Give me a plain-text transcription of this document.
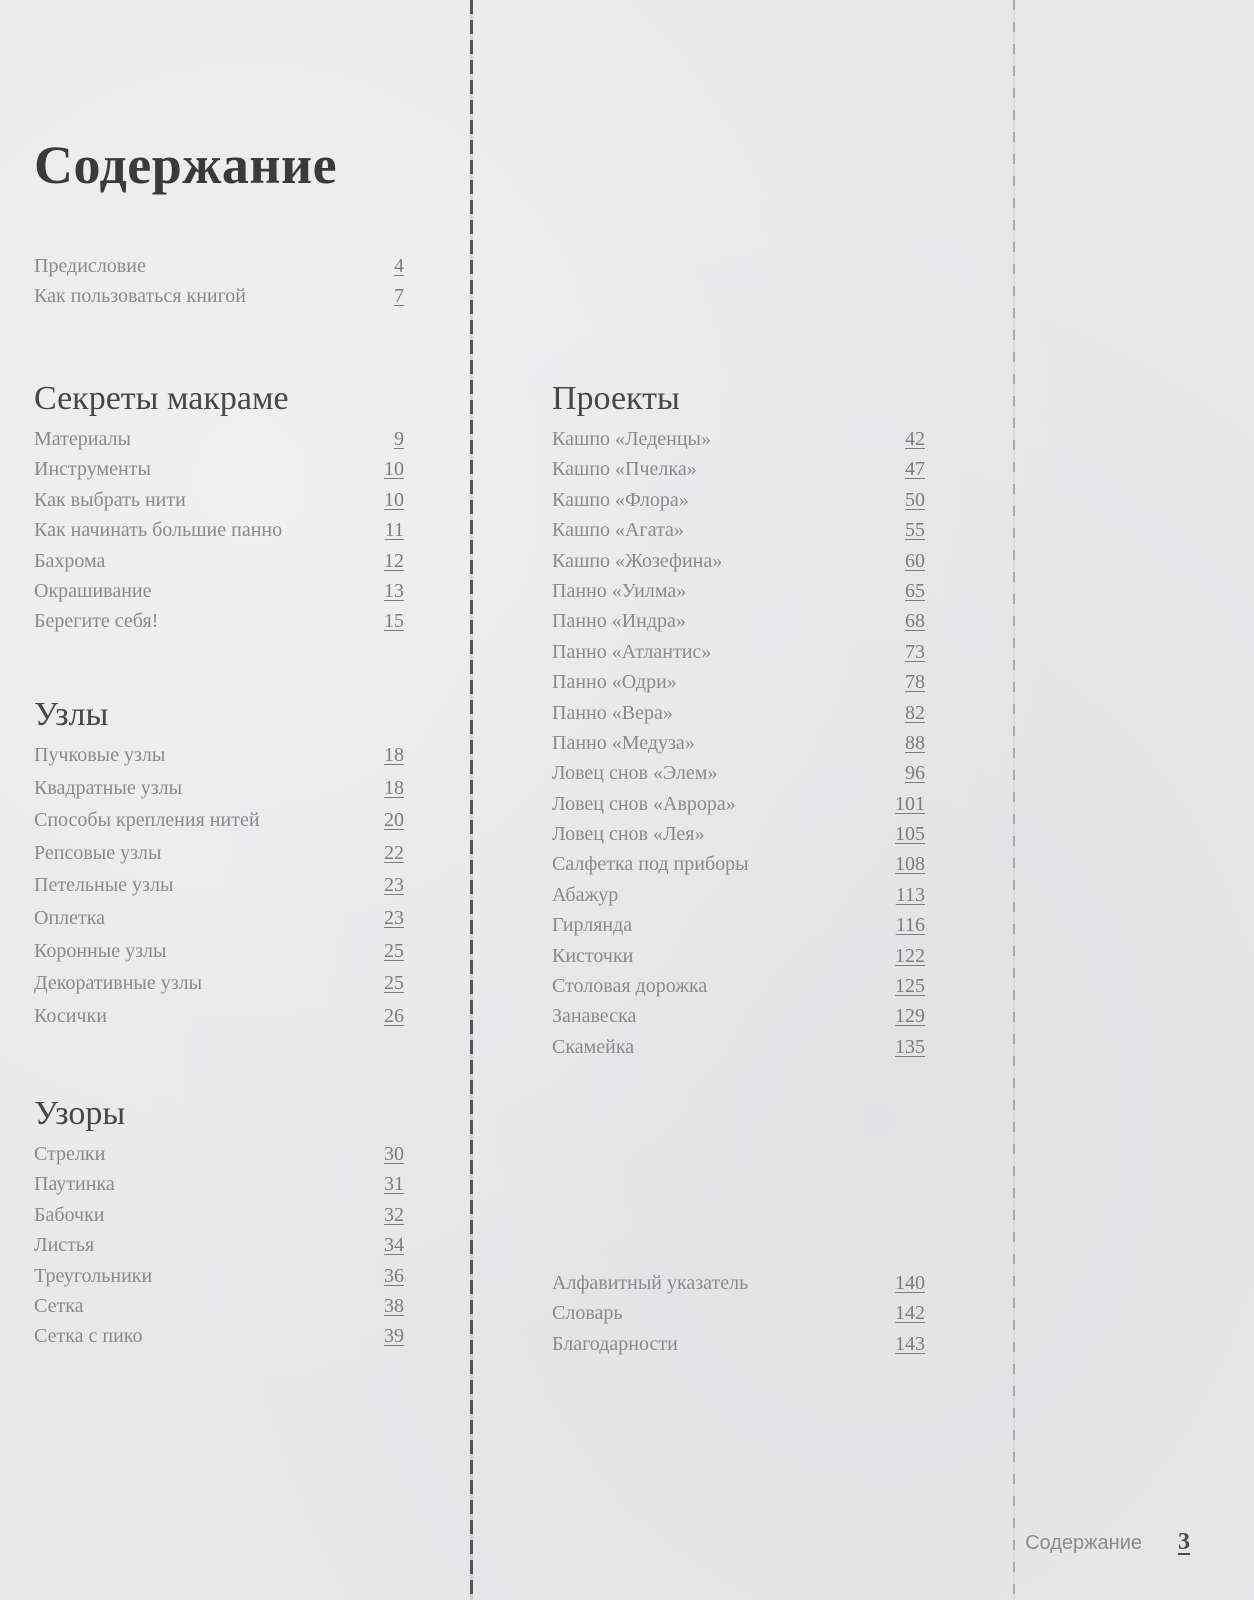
Содержание
Предисловие	4
Как пользоваться книгой	7
Секреты макраме
Материалы	9
Инструменты	10
Как выбрать нити	10
Как начинать большие панно	11
Бахрома	12
Окрашивание	13
Берегите себя!	15
Узлы
Пучковые узлы	18
Квадратные узлы	18
Способы крепления нитей	20
Репсовые узлы	22
Петельные узлы	23
Оплетка	23
Коронные узлы	25
Декоративные узлы	25
Косички	26
Узоры
Стрелки	30
Паутинка	31
Бабочки	32
Листья	34
Треугольники	36
Сетка	38
Сетка с пико	39
Проекты
Кашпо «Леденцы»	42
Кашпо «Пчелка»	47
Кашпо «Флора»	50
Кашпо «Агата»	55
Кашпо «Жозефина»	60
Панно «Уилма»	65
Панно «Индра»	68
Панно «Атлантис»	73
Панно «Одри»	78
Панно «Вера»	82
Панно «Медуза»	88
Ловец снов «Элем»	96
Ловец снов «Аврора»	101
Ловец снов «Лея»	105
Салфетка под приборы	108
Абажур	113
Гирлянда	116
Кисточки	122
Столовая дорожка	125
Занавеска	129
Скамейка	135
Алфавитный указатель	140
Словарь	142
Благодарности	143
Содержание 3
